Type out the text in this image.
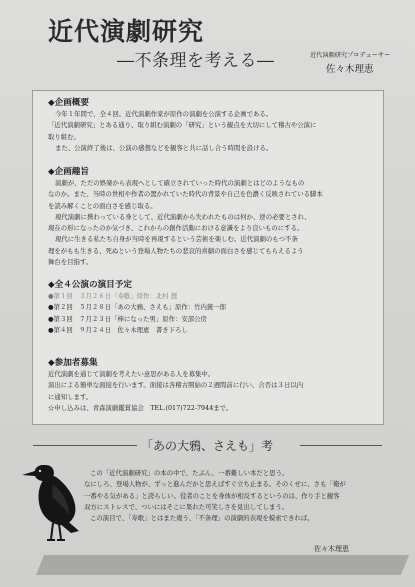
近代演劇研究
―不条理を考える―	近代演劇研究プロデューサー
佐々木理恵
◆企画概要

今年１年間で、全４回。近代演劇作家が原作の演劇を公演する企画である。

「近代演劇研究」とある通り、取り組む演劇の「研究」という観点を大切にして稽古や公演に

取り組む。

また、公演終了後は、公演の感想などを観客と共に話し合う時間を設ける。

◆企画趣旨

演劇が、ただの娯楽から表現へとして確立されていった時代の演劇とはどのようなもの

なのか。また、当時の世相や作者の置かれていた時代の背景や自己を色濃く反映されている脚本

を読み解くことの面白さを感じ取る。

現代演劇に携わっている身として、近代演劇から失われたものは何か、逆の必要とされ、

現在の形になったのか気づき、これからの創作活動における意識をより良いものにする。

現代に生きる私たち自身が当時を再現するという芸術を楽しむ。近代演劇のもつ不条

理をがもも生きる、死ぬという登場人物たちの悲哀的喜劇の面白さを感じてもらえるよう

舞台を目指す。

◆全４公演の演目予定

●第１回　３月２６日「寿歌」原作：北村 想

●第２回　５月２８日「あの大鴉、さえも」原作：竹内銃一郎

●第３回　７月２３日「棒になった男」原作：安部公房

●第４回　９月２４日　佐々木理恵　書き下ろし

◆参加者募集

近代演劇を通じて演劇を考えたい意思がある人を募集中。

演出による簡単な面接を行います。面接は各稽古開始の２週間前に行い、合否は３日以内

に通知します。

☆申し込みは、青森演劇鑑賞協会　TEL.(017)722-7944まで。

「あの大鴉、さえも」考

この「近代演劇研究」の本の中で、たぶん、一番難しい本だと思う。

なにしろ、登場人物が、ずっと進んだかと思えばすぐ立ち止まる。そのくせに、さも「俺が

一番やる気がある」と誇らしい。役者のことを身体が相反するというのは、作り手と観客

双方にストレスで、ついにはそこに果れた可笑しさを見出してしまう。

この演目で、「寿歌」とはまた違う、「不条理」の演劇的表現を模索できれば。

佐々木理恵
